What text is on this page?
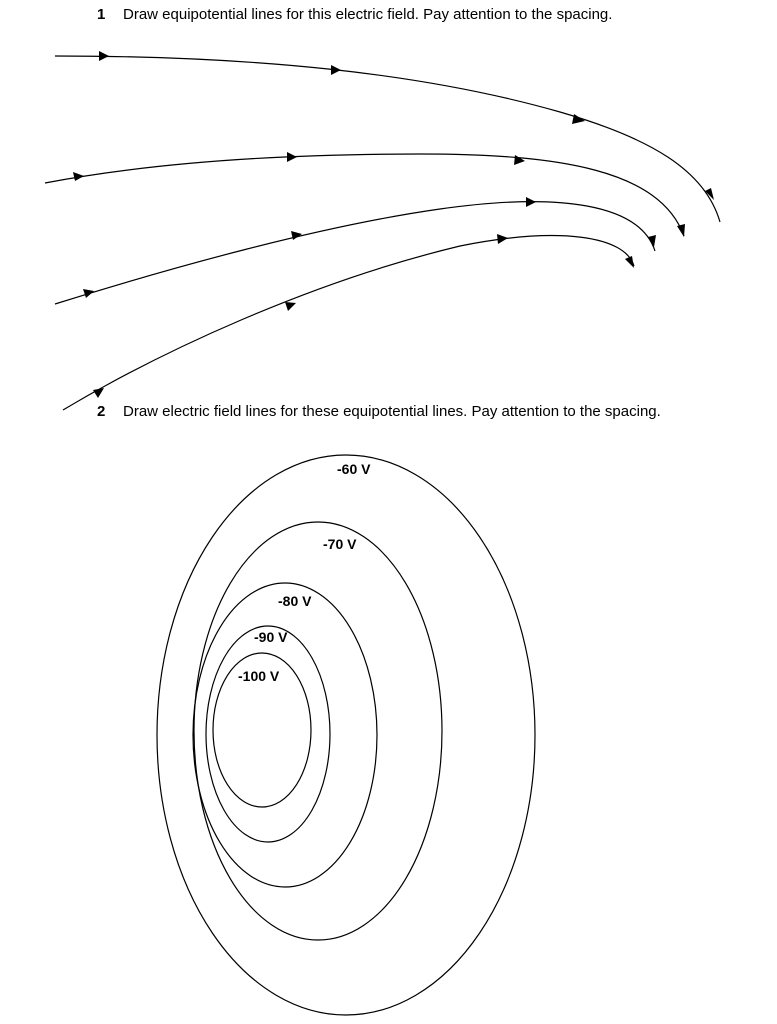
1 Draw equipotential lines for this electric field. Pay attention to the spacing.
-60 V
-70 V
-80 V
-90 V
-100 V
2 Draw electric field lines for these equipotential lines. Pay attention to the spacing.
